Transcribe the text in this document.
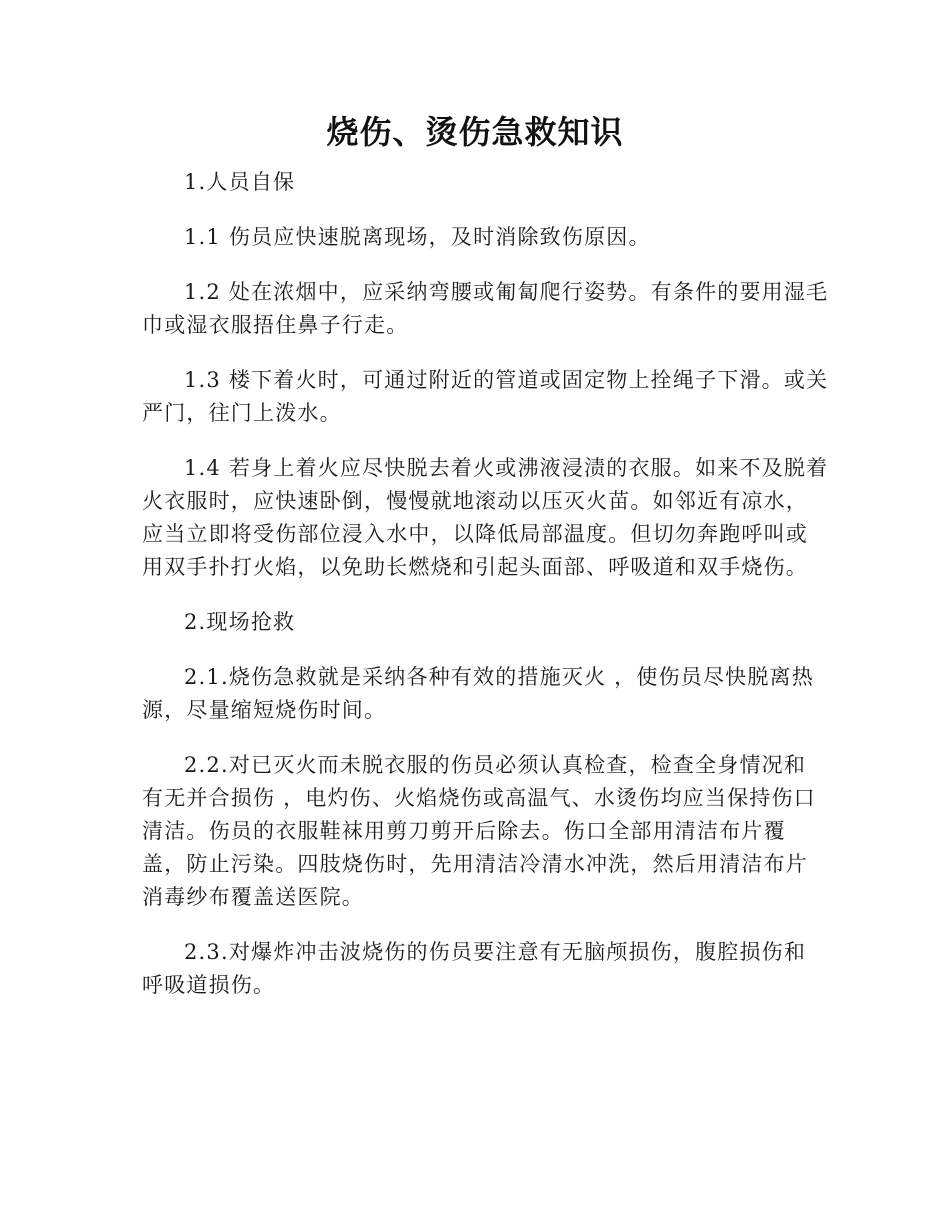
烧伤、烫伤急救知识

1.人员自保

1.1 伤员应快速脱离现场，及时消除致伤原因。

1.2 处在浓烟中，应采纳弯腰或匍匐爬行姿势。有条件的要用湿毛
巾或湿衣服捂住鼻子行走。

1.3 楼下着火时，可通过附近的管道或固定物上拴绳子下滑。或关
严门，往门上泼水。

1.4 若身上着火应尽快脱去着火或沸液浸渍的衣服。如来不及脱着
火衣服时，应快速卧倒，慢慢就地滚动以压灭火苗。如邻近有凉水，
应当立即将受伤部位浸入水中，以降低局部温度。但切勿奔跑呼叫或
用双手扑打火焰，以免助长燃烧和引起头面部、呼吸道和双手烧伤。

2.现场抢救

2.1.烧伤急救就是采纳各种有效的措施灭火 ，使伤员尽快脱离热
源，尽量缩短烧伤时间。

2.2.对已灭火而未脱衣服的伤员必须认真检查，检查全身情况和
有无并合损伤 ，电灼伤、火焰烧伤或高温气、水烫伤均应当保持伤口
清洁。伤员的衣服鞋袜用剪刀剪开后除去。伤口全部用清洁布片覆
盖，防止污染。四肢烧伤时，先用清洁冷清水冲洗，然后用清洁布片
消毒纱布覆盖送医院。

2.3.对爆炸冲击波烧伤的伤员要注意有无脑颅损伤，腹腔损伤和
呼吸道损伤。
